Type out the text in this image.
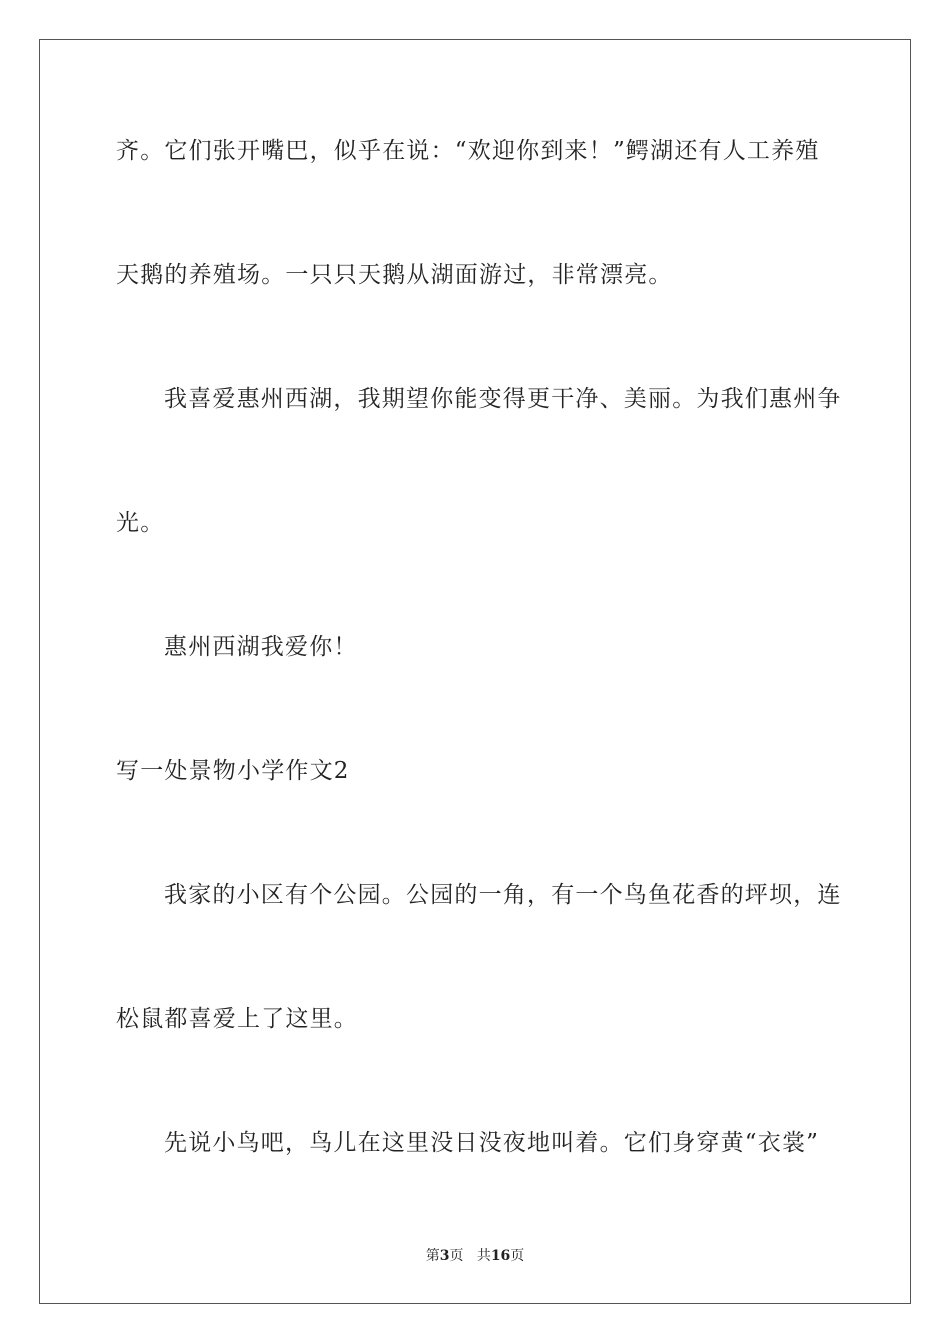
齐。它们张开嘴巴，似乎在说：“欢迎你到来！”鳄湖还有人工养殖
天鹅的养殖场。一只只天鹅从湖面游过，非常漂亮。
我喜爱惠州西湖，我期望你能变得更干净、美丽。为我们惠州争
光。
惠州西湖我爱你！
写一处景物小学作文2
我家的小区有个公园。公园的一角，有一个鸟鱼花香的坪坝，连
松鼠都喜爱上了这里。
先说小鸟吧，鸟儿在这里没日没夜地叫着。它们身穿黄“衣裳”
第3页 共16页
